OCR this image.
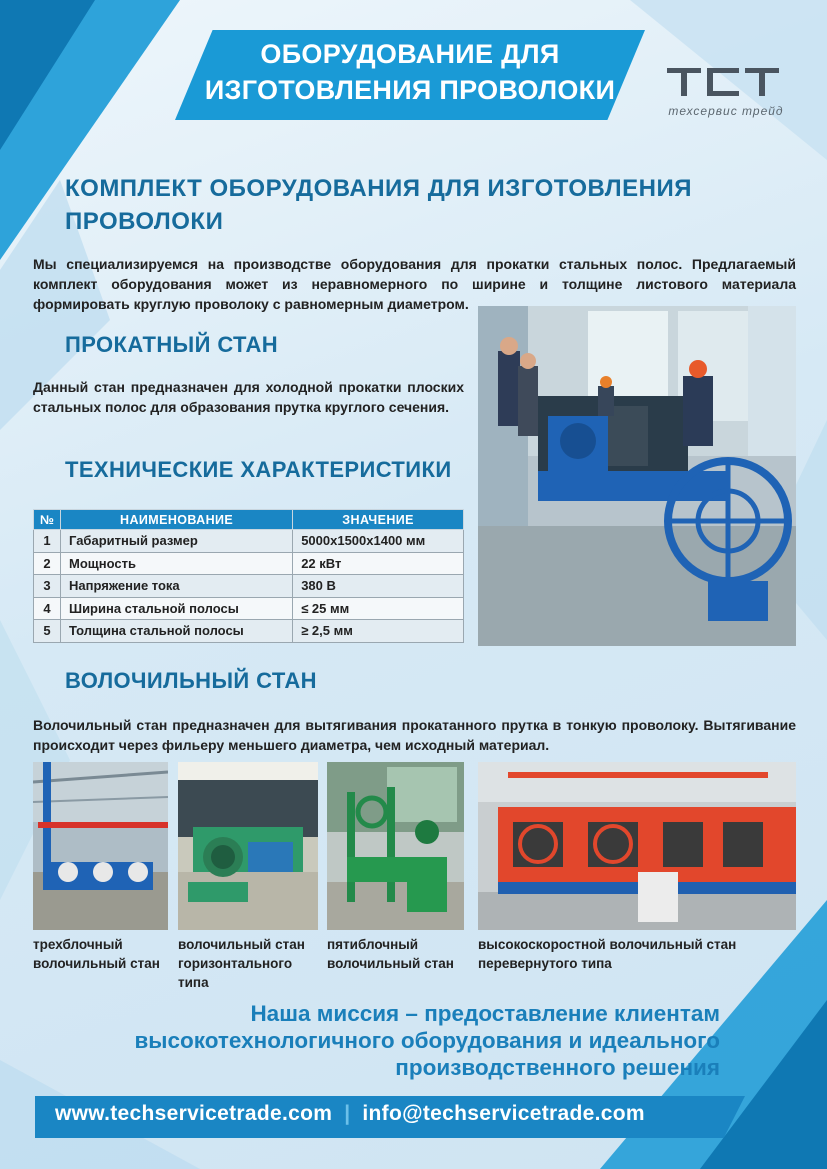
ОБОРУДОВАНИЕ ДЛЯ ИЗГОТОВЛЕНИЯ ПРОВОЛОКИ
техсервис трейд
КОМПЛЕКТ ОБОРУДОВАНИЯ ДЛЯ ИЗГОТОВЛЕНИЯ ПРОВОЛОКИ
Мы специализируемся на производстве оборудования для прокатки стальных полос. Предлагаемый комплект оборудования может из неравномерного по ширине и толщине листового материала формировать круглую проволоку с равномерным диаметром.
ПРОКАТНЫЙ СТАН
Данный стан предназначен для холодной прокатки плоских стальных полос для образования прутка круглого сечения.
ТЕХНИЧЕСКИЕ ХАРАКТЕРИСТИКИ
№	НАИМЕНОВАНИЕ	ЗНАЧЕНИЕ
1	Габаритный размер	5000x1500x1400 мм
2	Мощность	22 кВт
3	Напряжение тока	380 В
4	Ширина стальной полосы	≤ 25 мм
5	Толщина стальной полосы	≥ 2,5 мм
ВОЛОЧИЛЬНЫЙ СТАН
Волочильный стан предназначен для вытягивания прокатанного прутка в тонкую проволоку. Вытягивание происходит через фильеру меньшего диаметра, чем исходный материал.
трехблочный волочильный стан
волочильный стан горизонтального типа
пятиблочный волочильный стан
высокоскоростной волочильный стан перевернутого типа
Наша миссия – предоставление клиентам высокотехнологичного оборудования и идеального производственного решения
www.techservicetrade.com | info@techservicetrade.com
